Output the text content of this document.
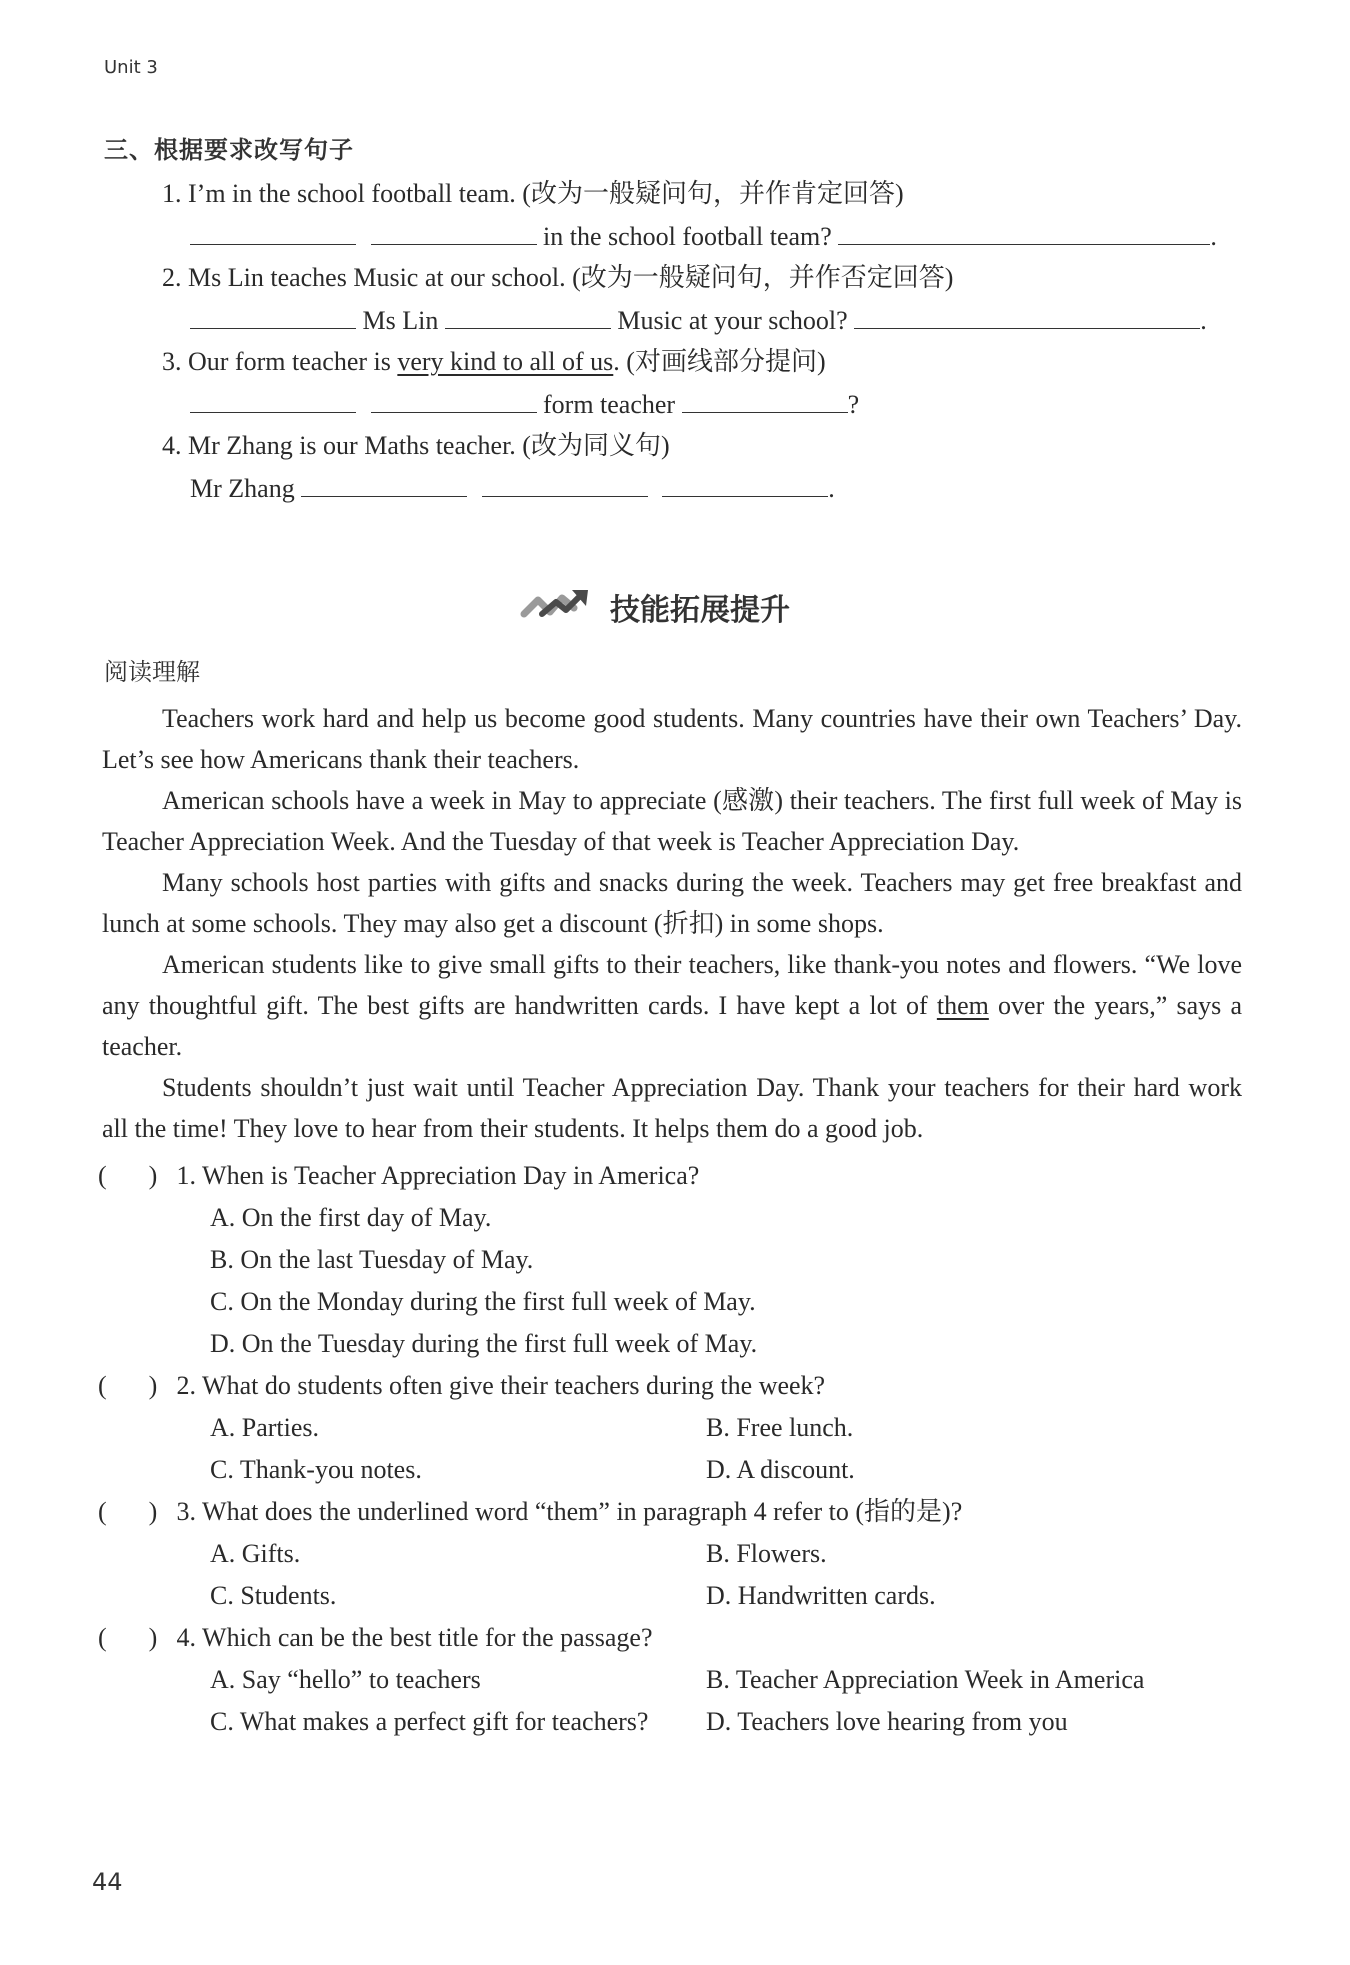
Unit 3
三、根据要求改写句子
1. I’m in the school football team. (改为一般疑问句，并作肯定回答)
in the school football team?	.
2. Ms Lin teaches Music at our school. (改为一般疑问句，并作否定回答)
Ms Lin	Music at your school?	.
3. Our form teacher is very kind to all of us. (对画线部分提问)
form teacher	?
4. Mr Zhang is our Maths teacher. (改为同义句)
Mr Zhang	.
技能拓展提升
阅读理解

Teachers work hard and help us become good students. Many countries have their own Teachers’ Day. Let’s see how Americans thank their teachers.

American schools have a week in May to appreciate (感激) their teachers. The first full week of May is Teacher Appreciation Week. And the Tuesday of that week is Teacher Appreciation Day.

Many schools host parties with gifts and snacks during the week. Teachers may get free breakfast and lunch at some schools. They may also get a discount (折扣) in some shops.

American students like to give small gifts to their teachers, like thank-you notes and flowers. “We love any thoughtful gift. The best gifts are handwritten cards. I have kept a lot of them over the years,” says a teacher.

Students shouldn’t just wait until Teacher Appreciation Day. Thank your teachers for their hard work all the time! They love to hear from their students. It helps them do a good job.

( ) 1. When is Teacher Appreciation Day in America?
A. On the first day of May.
B. On the last Tuesday of May.
C. On the Monday during the first full week of May.
D. On the Tuesday during the first full week of May.
( ) 2. What do students often give their teachers during the week?
A. Parties.	B. Free lunch.
C. Thank-you notes.	D. A discount.
( ) 3. What does the underlined word “them” in paragraph 4 refer to (指的是)?
A. Gifts.	B. Flowers.
C. Students.	D. Handwritten cards.
( ) 4. Which can be the best title for the passage?
A. Say “hello” to teachers	B. Teacher Appreciation Week in America
C. What makes a perfect gift for teachers? D. Teachers love hearing from you
44
